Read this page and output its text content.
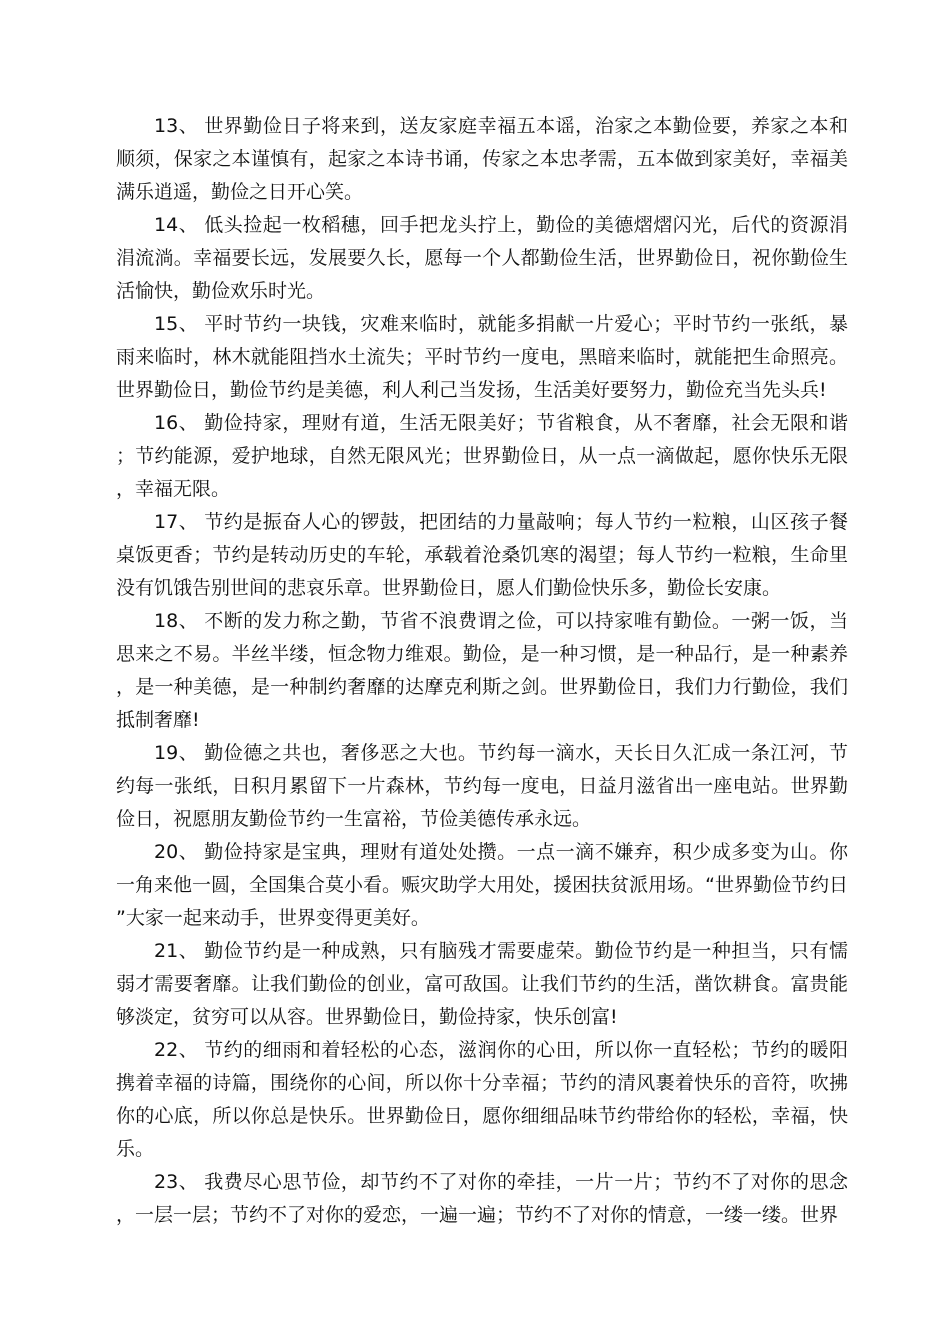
13、 世界勤俭日子将来到，送友家庭幸福五本谣，治家之本勤俭要，养家之本和顺须，保家之本谨慎有，起家之本诗书诵，传家之本忠孝需，五本做到家美好，幸福美满乐逍遥，勤俭之日开心笑。

14、 低头捡起一枚稻穗，回手把龙头拧上，勤俭的美德熠熠闪光，后代的资源涓涓流淌。幸福要长远，发展要久长，愿每一个人都勤俭生活，世界勤俭日，祝你勤俭生活愉快，勤俭欢乐时光。

15、 平时节约一块钱，灾难来临时，就能多捐献一片爱心；平时节约一张纸，暴雨来临时，林木就能阻挡水土流失；平时节约一度电，黑暗来临时，就能把生命照亮。世界勤俭日，勤俭节约是美德，利人利己当发扬，生活美好要努力，勤俭充当先头兵!

16、 勤俭持家，理财有道，生活无限美好；节省粮食，从不奢靡，社会无限和谐；节约能源，爱护地球，自然无限风光；世界勤俭日，从一点一滴做起，愿你快乐无限，幸福无限。

17、 节约是振奋人心的锣鼓，把团结的力量敲响；每人节约一粒粮，山区孩子餐桌饭更香；节约是转动历史的车轮，承载着沧桑饥寒的渴望；每人节约一粒粮，生命里没有饥饿告别世间的悲哀乐章。世界勤俭日，愿人们勤俭快乐多，勤俭长安康。

18、 不断的发力称之勤，节省不浪费谓之俭，可以持家唯有勤俭。一粥一饭，当思来之不易。半丝半缕，恒念物力维艰。勤俭，是一种习惯，是一种品行，是一种素养，是一种美德，是一种制约奢靡的达摩克利斯之剑。世界勤俭日，我们力行勤俭，我们抵制奢靡!

19、 勤俭德之共也，奢侈恶之大也。节约每一滴水，天长日久汇成一条江河，节约每一张纸，日积月累留下一片森林，节约每一度电，日益月滋省出一座电站。世界勤俭日，祝愿朋友勤俭节约一生富裕，节俭美德传承永远。

20、 勤俭持家是宝典，理财有道处处攒。一点一滴不嫌弃，积少成多变为山。你一角来他一圆，全国集合莫小看。赈灾助学大用处，援困扶贫派用场。“世界勤俭节约日”大家一起来动手，世界变得更美好。

21、 勤俭节约是一种成熟，只有脑残才需要虚荣。勤俭节约是一种担当，只有懦弱才需要奢靡。让我们勤俭的创业，富可敌国。让我们节约的生活，凿饮耕食。富贵能够淡定，贫穷可以从容。世界勤俭日，勤俭持家，快乐创富!

22、 节约的细雨和着轻松的心态，滋润你的心田，所以你一直轻松；节约的暖阳携着幸福的诗篇，围绕你的心间，所以你十分幸福；节约的清风裹着快乐的音符，吹拂你的心底，所以你总是快乐。世界勤俭日，愿你细细品味节约带给你的轻松，幸福，快乐。

23、 我费尽心思节俭，却节约不了对你的牵挂，一片一片；节约不了对你的思念，一层一层；节约不了对你的爱恋，一遍一遍；节约不了对你的情意，一缕一缕。世界
